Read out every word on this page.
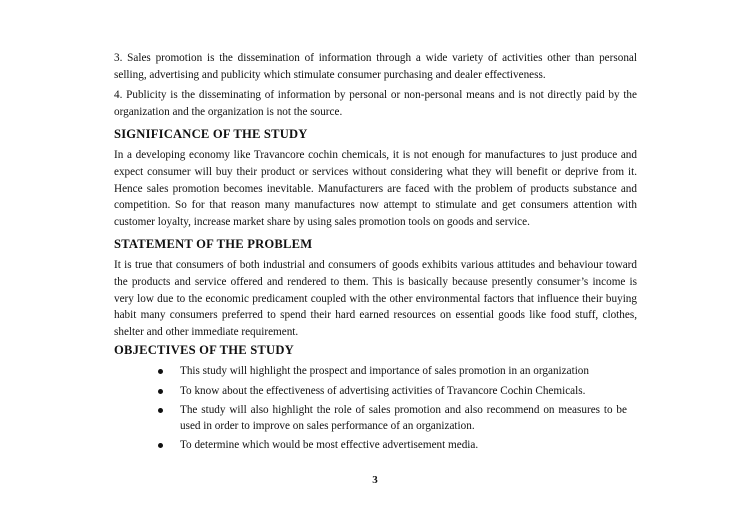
3. Sales promotion is the dissemination of information through a wide variety of activities other than personal selling, advertising and publicity which stimulate consumer purchasing and dealer effectiveness.

4. Publicity is the disseminating of information by personal or non-personal means and is not directly paid by the organization and the organization is not the source.

SIGNIFICANCE OF THE STUDY

In a developing economy like Travancore cochin chemicals, it is not enough for manufactures to just produce and expect consumer will buy their product or services without considering what they will benefit or deprive from it. Hence sales promotion becomes inevitable. Manufacturers are faced with the problem of products substance and competition. So for that reason many manufactures now attempt to stimulate and get consumers attention with customer loyalty, increase market share by using sales promotion tools on goods and service.

STATEMENT OF THE PROBLEM

It is true that consumers of both industrial and consumers of goods exhibits various attitudes and behaviour toward the products and service offered and rendered to them. This is basically because presently consumer’s income is very low due to the economic predicament coupled with the other environmental factors that influence their buying habit many consumers preferred to spend their hard earned resources on essential goods like food stuff, clothes, shelter and other immediate requirement.

OBJECTIVES OF THE STUDY
This study will highlight the prospect and importance of sales promotion in an organization
To know about the effectiveness of advertising activities of Travancore Cochin Chemicals.
The study will also highlight the role of sales promotion and also recommend on measures to be used in order to improve on sales performance of an organization.
To determine which would be most effective advertisement media.
3
